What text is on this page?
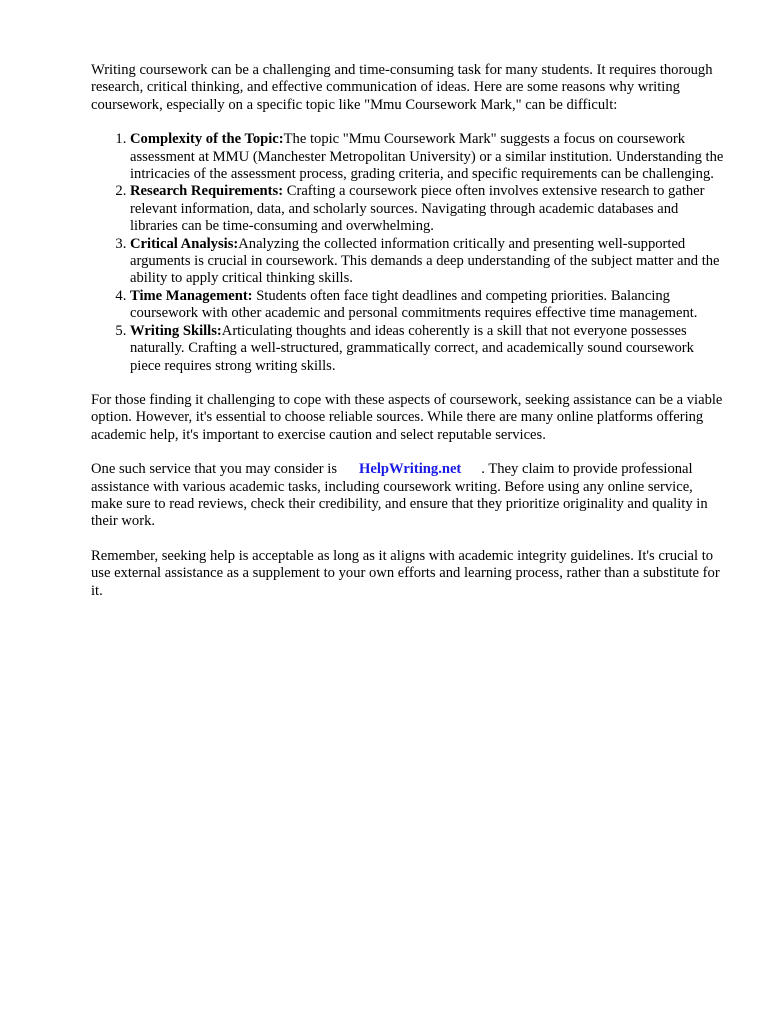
Writing coursework can be a challenging and time-consuming task for many students. It requires thorough research, critical thinking, and effective communication of ideas. Here are some reasons why writing coursework, especially on a specific topic like "Mmu Coursework Mark," can be difficult:

1. Complexity of the Topic:The topic "Mmu Coursework Mark" suggests a focus on coursework assessment at MMU (Manchester Metropolitan University) or a similar institution. Understanding the intricacies of the assessment process, grading criteria, and specific requirements can be challenging.
2. Research Requirements: Crafting a coursework piece often involves extensive research to gather relevant information, data, and scholarly sources. Navigating through academic databases and libraries can be time-consuming and overwhelming.
3. Critical Analysis:Analyzing the collected information critically and presenting well-supported arguments is crucial in coursework. This demands a deep understanding of the subject matter and the ability to apply critical thinking skills.
4. Time Management: Students often face tight deadlines and competing priorities. Balancing coursework with other academic and personal commitments requires effective time management.
5. Writing Skills:Articulating thoughts and ideas coherently is a skill that not everyone possesses naturally. Crafting a well-structured, grammatically correct, and academically sound coursework piece requires strong writing skills.

For those finding it challenging to cope with these aspects of coursework, seeking assistance can be a viable option. However, it's essential to choose reliable sources. While there are many online platforms offering academic help, it's important to exercise caution and select reputable services.

One such service that you may consider is HelpWriting.net . They claim to provide professional assistance with various academic tasks, including coursework writing. Before using any online service, make sure to read reviews, check their credibility, and ensure that they prioritize originality and quality in their work.

Remember, seeking help is acceptable as long as it aligns with academic integrity guidelines. It's crucial to use external assistance as a supplement to your own efforts and learning process, rather than a substitute for it.
